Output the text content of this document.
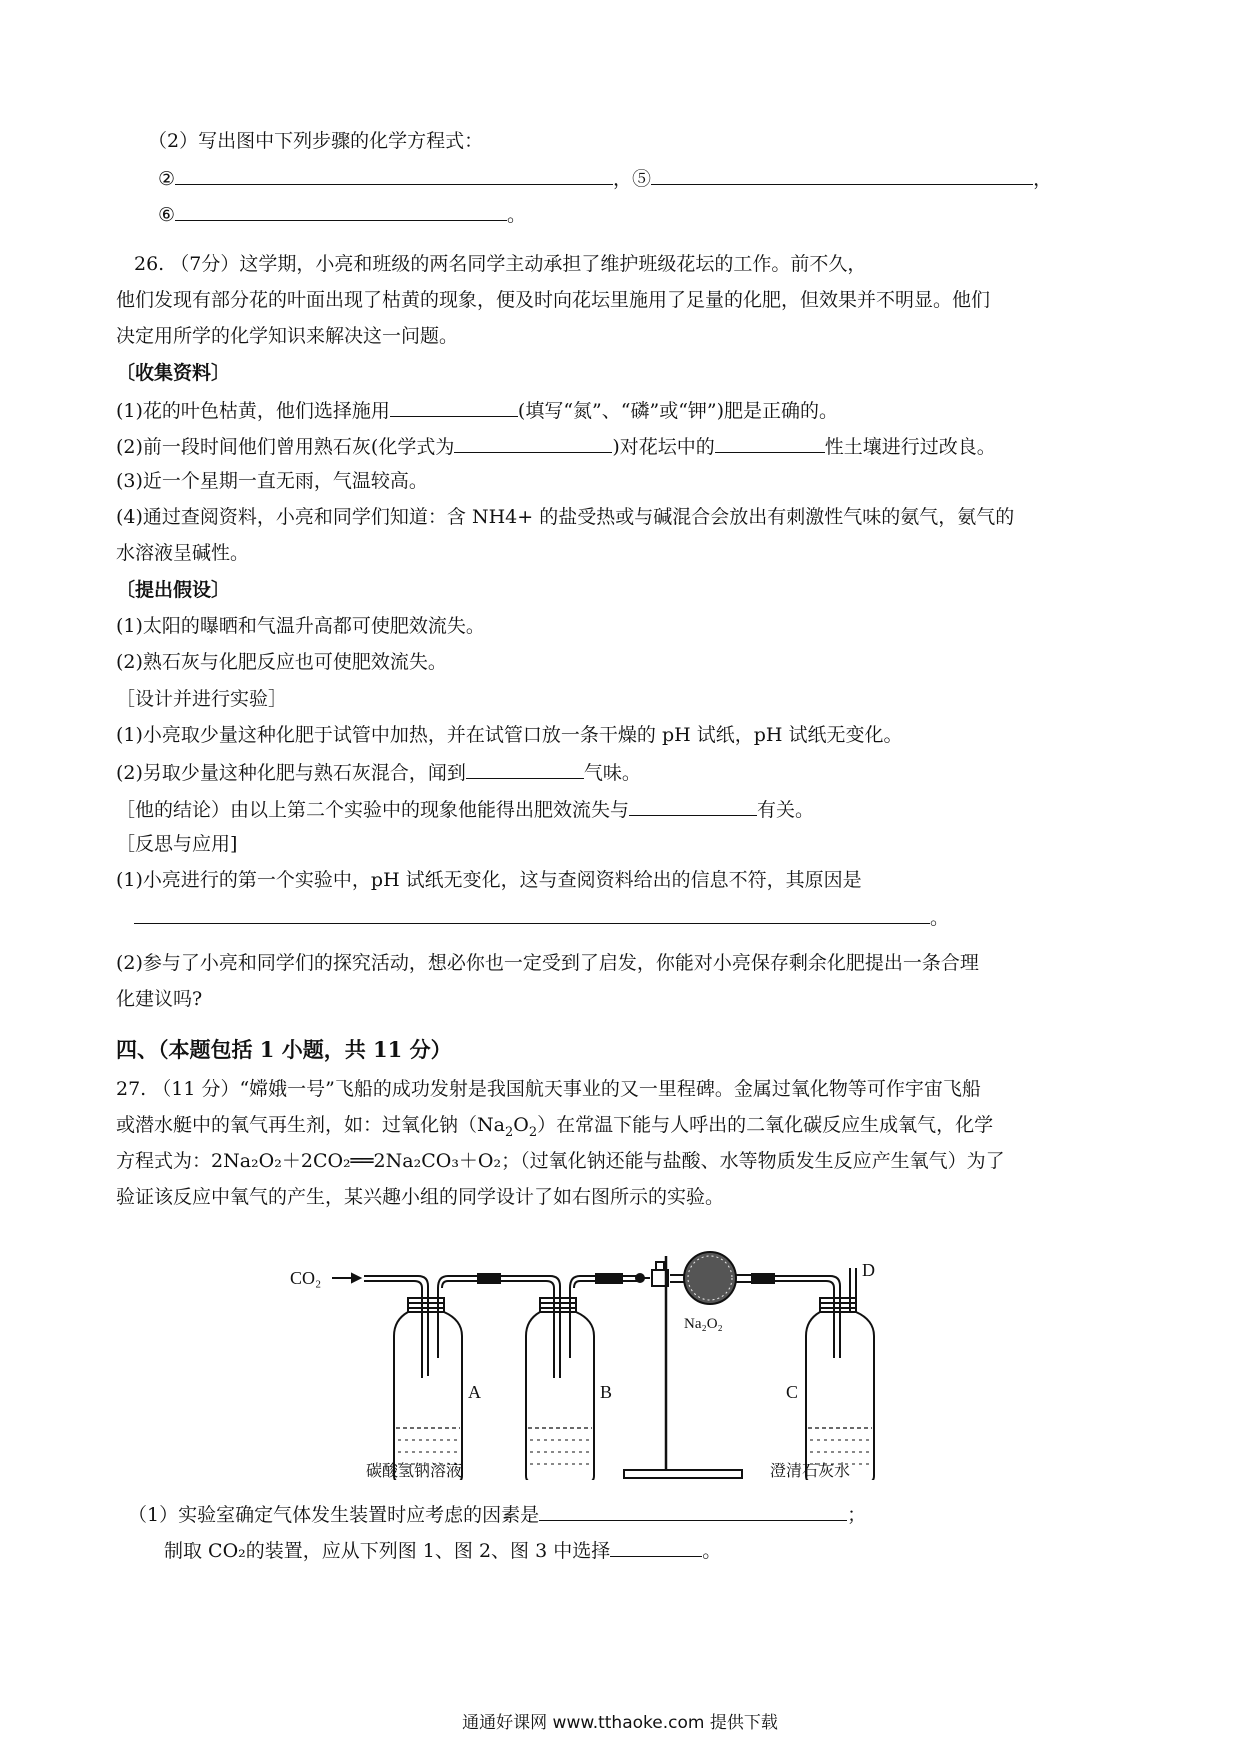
（2）写出图中下列步骤的化学方程式：
②	，⑤	，
⑥	。
26. （7分）这学期，小亮和班级的两名同学主动承担了维护班级花坛的工作。前不久，
他们发现有部分花的叶面出现了枯黄的现象，便及时向花坛里施用了足量的化肥，但效果并不明显。他们
决定用所学的化学知识来解决这一问题。
〔收集资料〕
(1)花的叶色枯黄，他们选择施用	(填写“氮”、“磷”或“钾”)肥是正确的。
(2)前一段时间他们曾用熟石灰(化学式为	)对花坛中的	性土壤进行过改良。
(3)近一个星期一直无雨，气温较高。
(4)通过查阅资料，小亮和同学们知道：含 NH4+ 的盐受热或与碱混合会放出有刺激性气味的氨气，氨气的
水溶液呈碱性。
〔提出假设〕
(1)太阳的曝晒和气温升高都可使肥效流失。
(2)熟石灰与化肥反应也可使肥效流失。
［设计并进行实验］
(1)小亮取少量这种化肥于试管中加热，并在试管口放一条干燥的 pH 试纸，pH 试纸无变化。
(2)另取少量这种化肥与熟石灰混合，闻到	气味。
［他的结论）由以上第二个实验中的现象他能得出肥效流失与	有关。
［反思与应用]
(1)小亮进行的第一个实验中，pH 试纸无变化，这与查阅资料给出的信息不符，其原因是
。
(2)参与了小亮和同学们的探究活动，想必你也一定受到了启发，你能对小亮保存剩余化肥提出一条合理
化建议吗?
四、（本题包括 1 小题，共 11 分）
27. （11 分）“嫦娥一号”飞船的成功发射是我国航天事业的又一里程碑。金属过氧化物等可作宇宙飞船
或潜水艇中的氧气再生剂，如：过氧化钠$(Na_2O_2)$在常温下能与人呼出的二氧化碳反应生成氧气，化学
方程式为：2Na₂O₂＋2CO₂══2Na₂CO₃＋O₂；（过氧化钠还能与盐酸、水等物质发生反应产生氧气）为了
验证该反应中氧气的产生，某兴趣小组的同学设计了如右图所示的实验。
CO₂
A	B	C
D
Na₂O₂
碳酸氢钠溶液	澄清石灰水
（1）实验室确定气体发生装置时应考虑的因素是	；
制取 CO₂的装置，应从下列图 1、图 2、图 3 中选择	。
通通好课网 www.tthaoke.com 提供下载
